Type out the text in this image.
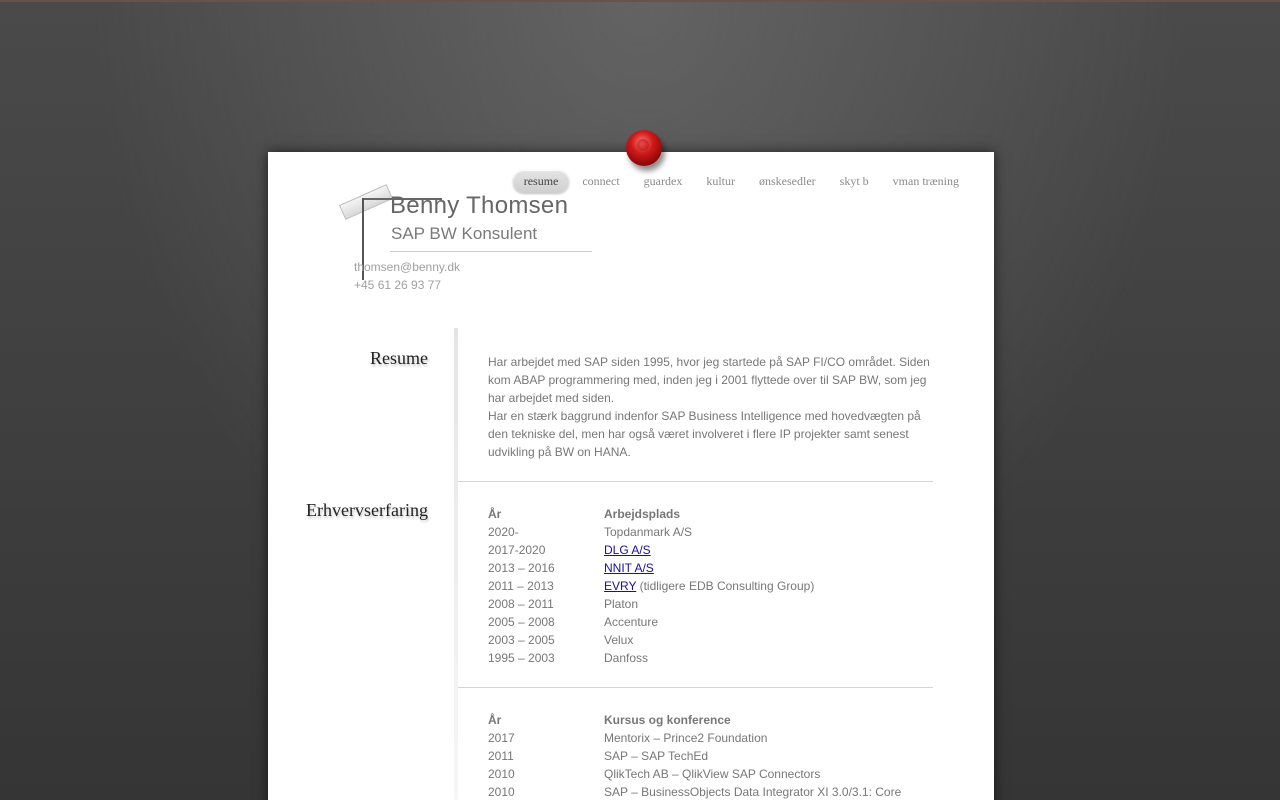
resume	connect	guardex	kultur	ønskesedler	skyt b	vman træning
Benny Thomsen
SAP BW Konsulent
thomsen@benny.dk
+45 61 26 93 77
Resume	Har arbejdet med SAP siden 1995, hvor jeg startede på SAP FI/CO området. Siden kom ABAP programmering med, inden jeg i 2001 flyttede over til SAP BW, som jeg har arbejdet med siden.
Har en stærk baggrund indenfor SAP Business Intelligence med hovedvægten på den tekniske del, men har også været involveret i flere IP projekter samt senest udvikling på BW on HANA.
Erhvervserfaring	År	Arbejdsplads
2020-	Topdanmark A/S
2017-2020	DLG A/S
2013 – 2016	NNIT A/S
2011 – 2013	EVRY (tidligere EDB Consulting Group)
2008 – 2011	Platon
2005 – 2008	Accenture
2003 – 2005	Velux
1995 – 2003	Danfoss
År	Kursus og konference
2017	Mentorix – Prince2 Foundation
2011	SAP – SAP TechEd
2010	QlikTech AB – QlikView SAP Connectors
2010	SAP – BusinessObjects Data Integrator XI 3.0/3.1: Core
